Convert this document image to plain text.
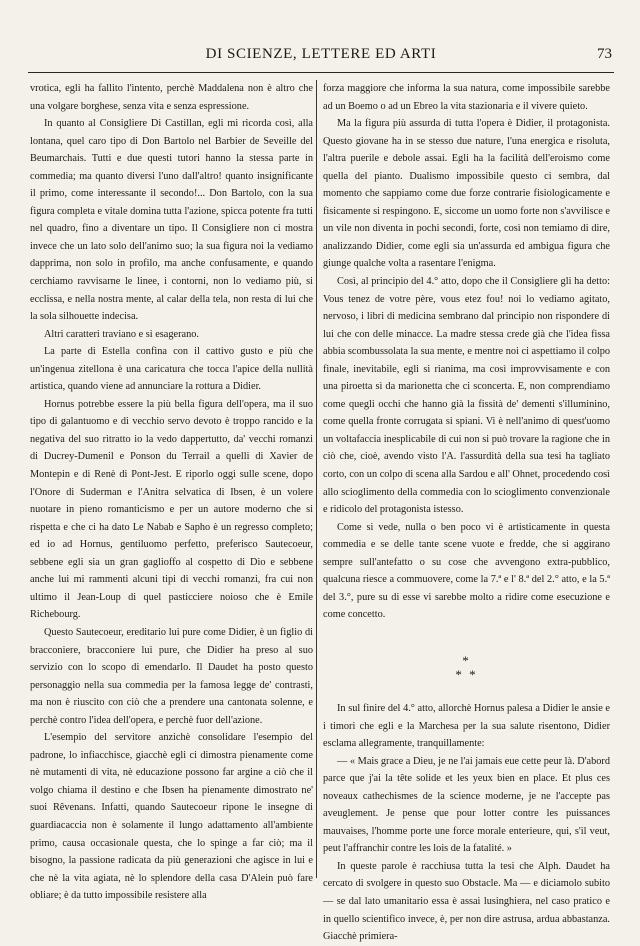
DI SCIENZE, LETTERE ED ARTI	73

vrotica, egli ha fallito l'intento, perchè Maddalena non è altro che una volgare borghese, senza vita e senza espressione.

In quanto al Consigliere Di Castillan, egli mi ricorda così, alla lontana, quel caro tipo di Don Bartolo nel Barbier de Seveille del Beumarchais. Tutti e due questi tutori hanno la stessa parte in commedia; ma quanto diversi l'uno dall'altro! quanto insignificante il primo, come interessante il secondo!... Don Bartolo, con la sua figura completa e vitale domina tutta l'azione, spicca potente fra tutti nel quadro, fino a diventare un tipo. Il Consigliere non ci mostra invece che un lato solo dell'animo suo; la sua figura noi la vediamo dapprima, non solo in profilo, ma anche confusamente, e quando cerchiamo ravvisarne le linee, i contorni, non lo vediamo più, si ecclissa, e nella nostra mente, al calar della tela, non resta di lui che la sola silhouette indecisa.

Altri caratteri traviano e si esagerano.

La parte di Estella confina con il cattivo gusto e più che un'ingenua zitellona è una caricatura che tocca l'apice della nullità artistica, quando viene ad annunciare la rottura a Didier.

Hornus potrebbe essere la più bella figura dell'opera, ma il suo tipo di galantuomo e di vecchio servo devoto è troppo rancido e la negativa del suo ritratto io la vedo dappertutto, da' vecchi romanzi di Ducrey-Dumenil e Ponson du Terrail a quelli di Xavier de Montepin e di Renè di Pont-Jest. E riporlo oggi sulle scene, dopo l'Onore di Suderman e l'Anitra selvatica di Ibsen, è un volere nuotare in pieno romanticismo e per un autore moderno che si rispetta e che ci ha dato Le Nabab e Sapho è un regresso completo; ed io ad Hornus, gentiluomo perfetto, preferisco Sautecoeur, sebbene egli sia un gran gaglioffo al cospetto di Dio e sebbene anche lui mi rammenti alcuni tipi di vecchi romanzi, fra cui non ultimo il Jean-Loup di quel pasticciere noioso che è Emile Richebourg.

Questo Sautecoeur, ereditario lui pure come Didier, è un figlio di bracconiere, bracconiere lui pure, che Didier ha preso al suo servizio con lo scopo di emendarlo. Il Daudet ha posto questo personaggio nella sua commedia per la famosa legge de' contrasti, ma non è riuscito con ciò che a prendere una cantonata solenne, e perchè contro l'idea dell'opera, e perchè fuor dell'azione.

L'esempio del servitore anzichè consolidare l'esempio del padrone, lo infiacchisce, giacchè egli ci dimostra pienamente come nè mutamenti di vita, nè educazione possono far argine a ciò che il volgo chiama il destino e che Ibsen ha pienamente dimostrato ne' suoi Rêvenans. Infatti, quando Sautecoeur ripone le insegne di guardiacaccia non è solamente il lungo adattamento all'ambiente primo, causa occasionale questa, che lo spinge a far ciò; ma il bisogno, la passione radicata da più generazioni che agisce in lui e che nè la vita agiata, nè lo splendore della casa D'Alein può fare obliare; è da tutto impossibile resistere alla

forza maggiore che informa la sua natura, come impossibile sarebbe ad un Boemo o ad un Ebreo la vita stazionaria e il vivere quieto.

Ma la figura più assurda di tutta l'opera è Didier, il protagonista. Questo giovane ha in se stesso due nature, l'una energica e risoluta, l'altra puerile e debole assai. Egli ha la facilità dell'eroismo come quella del pianto. Dualismo impossibile questo ci sembra, dal momento che sappiamo come due forze contrarie fisiologicamente e fisicamente si respingono. E, siccome un uomo forte non s'avvilisce e un vile non diventa in pochi secondi, forte, così non temiamo di dire, analizzando Didier, come egli sia un'assurda ed ambigua figura che giunge qualche volta a rasentare l'enigma.

Così, al principio del 4.° atto, dopo che il Consigliere gli ha detto: Vous tenez de votre père, vous etez fou! noi lo vediamo agitato, nervoso, i libri di medicina sembrano dal principio non rispondere di lui che con delle minacce. La madre stessa crede già che l'idea fissa abbia scombussolata la sua mente, e mentre noi ci aspettiamo il colpo finale, inevitabile, egli si rianima, ma così improvvisamente e con una piroetta sì da marionetta che ci sconcerta. E, non comprendiamo come quegli occhi che hanno già la fissità de' dementi s'illuminino, come quella fronte corrugata si spiani. Vi è nell'animo di quest'uomo un voltafaccia inesplicabile di cui non si può trovare la ragione che in ciò che, cioè, avendo visto l'A. l'assurdità della sua tesi ha tagliato corto, con un colpo di scena alla Sardou e all' Ohnet, procedendo così allo scioglimento della commedia con lo scioglimento convenzionale e ridicolo del protagonista istesso.

Come si vede, nulla o ben poco vi è artisticamente in questa commedia e se delle tante scene vuote e fredde, che si aggirano sempre sull'antefatto o su cose che avvengono extra-pubblico, qualcuna riesce a commuovere, come la 7.ª e l' 8.ª del 2.° atto, e la 5.ª del 3.°, pure su di esse vi sarebbe molto a ridire come esecuzione e come concetto.

*
* *

In sul finire del 4.° atto, allorchè Hornus palesa a Didier le ansie e i timori che egli e la Marchesa per la sua salute risentono, Didier esclama allegramente, tranquillamente:

— « Mais grace a Dieu, je ne l'ai jamais eue cette peur là. D'abord parce que j'ai la tête solide et les yeux bien en place. Et plus ces noveaux cathechismes de la science moderne, je ne l'accepte pas aveuglement. Je pense que pour lotter contre les puissances mauvaises, l'homme porte une force morale enterieure, qui, s'il veut, peut l'affranchir contre les lois de la fatalité. »

In queste parole è racchiusa tutta la tesi che Alph. Daudet ha cercato di svolgere in questo suo Obstacle. Ma — e diciamolo subito — se dal lato umanitario essa è assai lusinghiera, nel caso pratico e in quello scientifico invece, è, per non dire astrusa, ardua abbastanza. Giacchè primiera-
